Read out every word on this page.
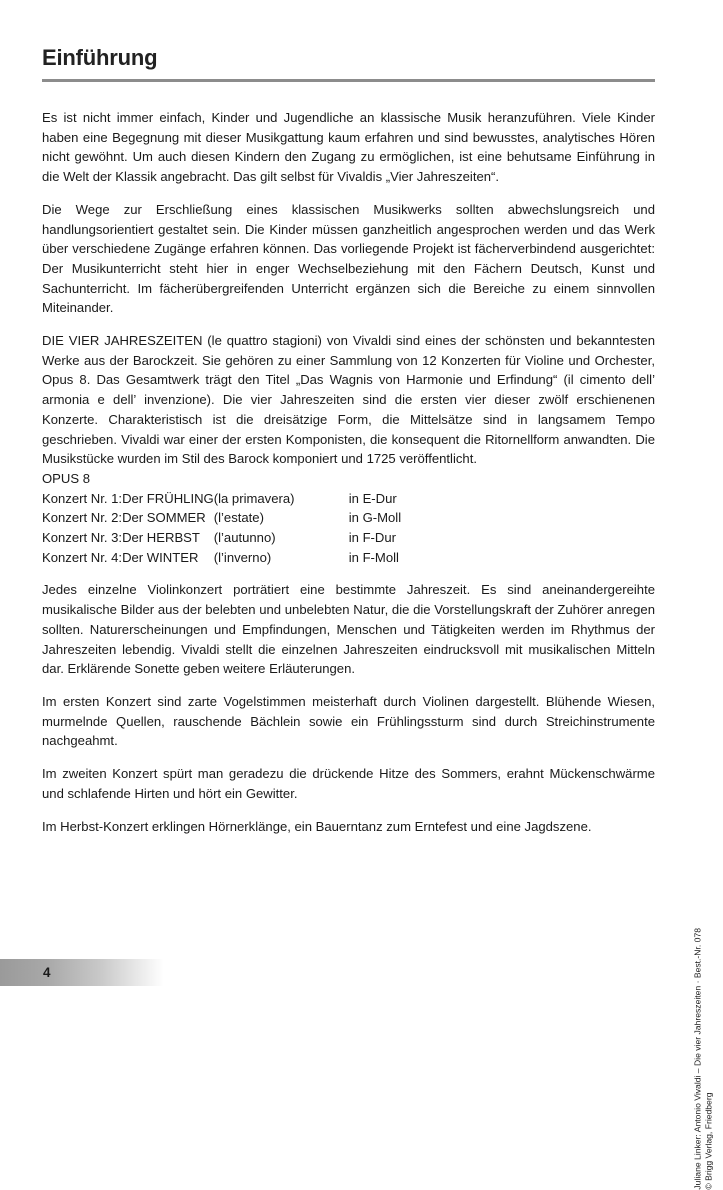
Einführung

Es ist nicht immer einfach, Kinder und Jugendliche an klassische Musik heranzuführen. Viele Kinder haben eine Begegnung mit dieser Musikgattung kaum erfahren und sind bewusstes, analytisches Hören nicht gewöhnt. Um auch diesen Kindern den Zugang zu ermöglichen, ist eine behutsame Einführung in die Welt der Klassik angebracht. Das gilt selbst für Vivaldis „Vier Jahreszeiten“.

Die Wege zur Erschließung eines klassischen Musikwerks sollten abwechslungsreich und handlungsorientiert gestaltet sein. Die Kinder müssen ganzheitlich angesprochen werden und das Werk über verschiedene Zugänge erfahren können. Das vorliegende Projekt ist fächerverbindend ausgerichtet: Der Musikunterricht steht hier in enger Wechselbeziehung mit den Fächern Deutsch, Kunst und Sachunterricht. Im fächerübergreifenden Unterricht ergänzen sich die Bereiche zu einem sinnvollen Miteinander.

DIE VIER JAHRESZEITEN (le quattro stagioni) von Vivaldi sind eines der schönsten und bekanntesten Werke aus der Barockzeit. Sie gehören zu einer Sammlung von 12 Konzerten für Violine und Orchester, Opus 8. Das Gesamtwerk trägt den Titel „Das Wagnis von Harmonie und Erfindung“ (il cimento dell’ armonia e dell’ invenzione). Die vier Jahreszeiten sind die ersten vier dieser zwölf erschienenen Konzerte. Charakteristisch ist die dreisätzige Form, die Mittelsätze sind in langsamem Tempo geschrieben. Vivaldi war einer der ersten Komponisten, die konsequent die Ritornellform anwandten. Die Musikstücke wurden im Stil des Barock komponiert und 1725 veröffentlicht.

OPUS 8

Konzert Nr. 1:	Der FRÜHLING	(la primavera)	in E-Dur
Konzert Nr. 2:	Der SOMMER	(l’estate)	in G-Moll
Konzert Nr. 3:	Der HERBST	(l’autunno)	in F-Dur
Konzert Nr. 4:	Der WINTER	(l’inverno)	in F-Moll

Jedes einzelne Violinkonzert porträtiert eine bestimmte Jahreszeit. Es sind aneinandergereihte musikalische Bilder aus der belebten und unbelebten Natur, die die Vorstellungskraft der Zuhörer anregen sollten. Naturerscheinungen und Empfindungen, Menschen und Tätigkeiten werden im Rhythmus der Jahreszeiten lebendig. Vivaldi stellt die einzelnen Jahreszeiten eindrucksvoll mit musikalischen Mitteln dar. Erklärende Sonette geben weitere Erläuterungen.

Im ersten Konzert sind zarte Vogelstimmen meisterhaft durch Violinen dargestellt. Blühende Wiesen, murmelnde Quellen, rauschende Bächlein sowie ein Frühlingssturm sind durch Streichinstrumente nachgeahmt.

Im zweiten Konzert spürt man geradezu die drückende Hitze des Sommers, erahnt Mückenschwärme und schlafende Hirten und hört ein Gewitter.

Im Herbst-Konzert erklingen Hörnerklänge, ein Bauerntanz zum Erntefest und eine Jagdszene.

Juliane Linker: Antonio Vivaldi – Die vier Jahreszeiten · Best.-Nr. 078 © Brigg Verlag, Friedberg
4
